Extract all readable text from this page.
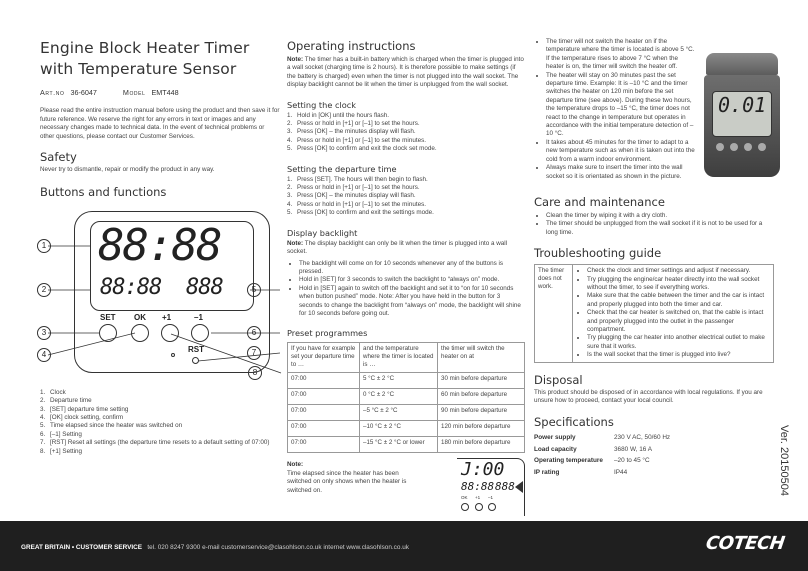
Engine Block Heater Timer with Temperature Sensor
Art.no 36-6047	Model EMT448

Please read the entire instruction manual before using the product and then save it for future reference. We reserve the right for any errors in text or images and any necessary changes made to technical data. In the event of technical problems or other questions, please contact our Customer Services.

Safety

Never try to dismantle, repair or modify the product in any way.

Buttons and functions
88:88
88:88 888
SET OK +1	–1
RST
1
2
3
4
5
6
7
8
1. Clock
2. Departure time
3. [SET] departure time setting
4. [OK] clock setting, confirm
5. Time elapsed since the heater was switched on
6. [–1] Setting
7. [RST] Reset all settings (the departure time resets to a default setting of 07:00)
8. [+1] Setting
Operating instructions

Note: The timer has a built-in battery which is charged when the timer is plugged into a wall socket (charging time is 2 hours). It is therefore possible to make settings (if the battery is charged) even when the timer is not plugged into the wall socket. The display backlight cannot be lit when the timer is unplugged from the wall socket.

Setting the clock
1. Hold in [OK] until the hours flash.
2. Press or hold in [+1] or [–1] to set the hours.
3. Press [OK] – the minutes display will flash.
4. Press or hold in [+1] or [–1] to set the minutes.
5. Press [OK] to confirm and exit the clock set mode.
Setting the departure time
1. Press [SET]. The hours will then begin to flash.
2. Press or hold in [+1] or [–1] to set the hours.
3. Press [OK] – the minutes display will flash.
4. Press or hold in [+1] or [–1] to set the minutes.
5. Press [OK] to confirm and exit the settings mode.
Display backlight

Note: The display backlight can only be lit when the timer is plugged into a wall socket.

• The backlight will come on for 10 seconds whenever any of the buttons is pressed.
• Hold in [SET] for 3 seconds to switch the backlight to “always on” mode.
• Hold in [SET] again to switch off the backlight and set it to “on for 10 seconds when button pushed” mode. Note: After you have held in the button for 3 seconds to change the backlight from “always on” mode, the backlight will shine for 10 seconds before going out.
Preset programmes
If you have for example set your departure time to …	and the temperature where the timer is located is …	the timer will switch the heater on at
07:00	5 °C ± 2 °C	30 min before departure
07:00	0 °C ± 2 °C	60 min before departure
07:00	–5 °C ± 2 °C	90 min before departure
07:00	–10 °C ± 2 °C	120 min before departure
07:00	–15 °C ± 2 °C or lower	180 min before departure

Note:
Time elapsed since the heater has been switched on only shows when the heater is switched on.

J:00
88:88 888
OK +1 –1
• The timer will not switch the heater on if the temperature where the timer is located is above 5 °C. If the temperature rises to above 7 °C when the heater is on, the timer will switch the heater off.
• The heater will stay on 30 minutes past the set departure time. Example: It is –10 °C and the timer switches the heater on 120 min before the set departure time (see above). During these two hours, the temperature drops to –15 °C, the timer does not react to the change in temperature but operates in accordance with the initial temperature detection of –10 °C.
• It takes about 45 minutes for the timer to adapt to a new temperature such as when it is taken out into the cold from a warm indoor environment.
• Always make sure to insert the timer into the wall socket so it is orientated as shown in the picture.
0.01
Care and maintenance
• Clean the timer by wiping it with a dry cloth.
• The timer should be unplugged from the wall socket if it is not to be used for a long time.
Troubleshooting guide
The timer does not work.	
• Check the clock and timer settings and adjust if necessary.
• Try plugging the engine/car heater directly into the wall socket without the timer, to see if everything works.
• Make sure that the cable between the timer and the car is intact and properly plugged into both the timer and car.
• Check that the car heater is switched on, that the cable is intact and properly plugged into the outlet in the passenger compartment.
• Try plugging the car heater into another electrical outlet to make sure that it works.
• Is the wall socket that the timer is plugged into live?
Disposal

This product should be disposed of in accordance with local regulations. If you are unsure how to proceed, contact your local council.

Specifications
Power supply	230 V AC, 50/60 Hz
Load capacity	3680 W, 16 A
Operating temperature	–20 to 45 °C
IP rating	IP44	Ver. 20150504
GREAT BRITAIN • CUSTOMER SERVICE tel. 020 8247 9300 e-mail customerservice@clasohlson.co.uk internet www.clasohlson.co.uk	COTECH
